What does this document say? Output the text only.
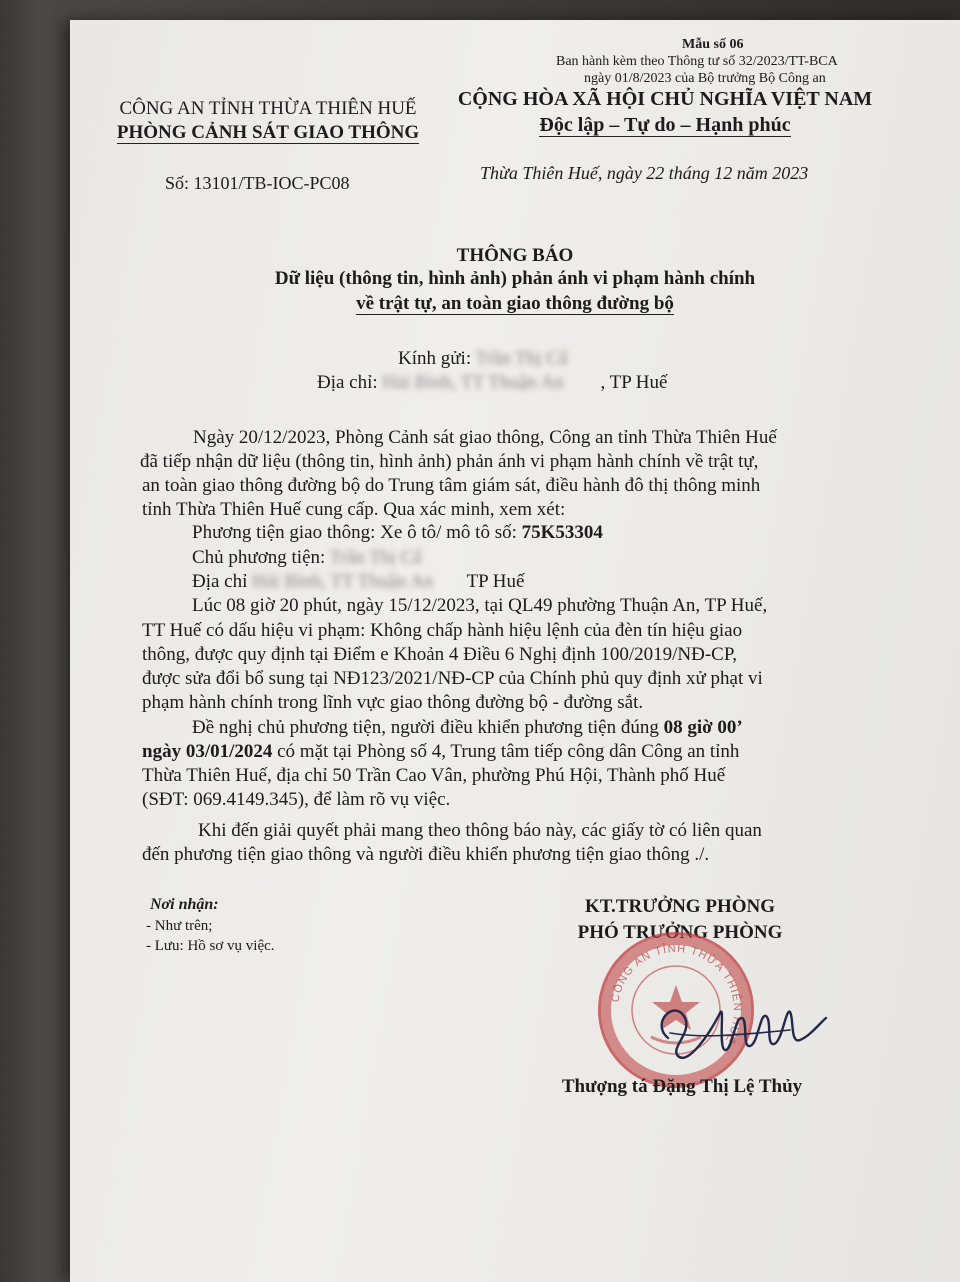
Mẫu số 06
Ban hành kèm theo Thông tư số 32/2023/TT-BCA
ngày 01/8/2023 của Bộ trưởng Bộ Công an
CÔNG AN TỈNH THỪA THIÊN HUẾ
PHÒNG CẢNH SÁT GIAO THÔNG
CỘNG HÒA XÃ HỘI CHỦ NGHĨA VIỆT NAM
Độc lập – Tự do – Hạnh phúc
Số: 13101/TB-IOC-PC08	Thừa Thiên Huế, ngày 22 tháng 12 năm 2023
THÔNG BÁO
Dữ liệu (thông tin, hình ảnh) phản ánh vi phạm hành chính
về trật tự, an toàn giao thông đường bộ
Kính gửi: Trần Thị Cẩ
Địa chỉ: Hải Bình, TT Thuận An , TP Huế
Ngày 20/12/2023, Phòng Cảnh sát giao thông, Công an tỉnh Thừa Thiên Huế
đã tiếp nhận dữ liệu (thông tin, hình ảnh) phản ánh vi phạm hành chính về trật tự,
an toàn giao thông đường bộ do Trung tâm giám sát, điều hành đô thị thông minh
tỉnh Thừa Thiên Huế cung cấp. Qua xác minh, xem xét:
Phương tiện giao thông: Xe ô tô/ mô tô số: 75K53304
Chủ phương tiện: Trần Thị Cẩ
Địa chỉ Hải Bình, TT Thuận An TP Huế
Lúc 08 giờ 20 phút, ngày 15/12/2023, tại QL49 phường Thuận An, TP Huế,
TT Huế có dấu hiệu vi phạm: Không chấp hành hiệu lệnh của đèn tín hiệu giao
thông, được quy định tại Điểm e Khoản 4 Điều 6 Nghị định 100/2019/NĐ-CP,
được sửa đổi bổ sung tại NĐ123/2021/NĐ-CP của Chính phủ quy định xử phạt vi
phạm hành chính trong lĩnh vực giao thông đường bộ - đường sắt.
Đề nghị chủ phương tiện, người điều khiển phương tiện đúng 08 giờ 00’
ngày 03/01/2024 có mặt tại Phòng số 4, Trung tâm tiếp công dân Công an tỉnh
Thừa Thiên Huế, địa chỉ 50 Trần Cao Vân, phường Phú Hội, Thành phố Huế
(SĐT: 069.4149.345), để làm rõ vụ việc.
Khi đến giải quyết phải mang theo thông báo này, các giấy tờ có liên quan
đến phương tiện giao thông và người điều khiển phương tiện giao thông ./.
Nơi nhận:
- Như trên;
- Lưu: Hồ sơ vụ việc.
KT.TRƯỞNG PHÒNG
PHÓ TRƯỞNG PHÒNG
CÔNG AN TỈNH THỪA THIÊN HUẾ
Thượng tá Đặng Thị Lệ Thủy
